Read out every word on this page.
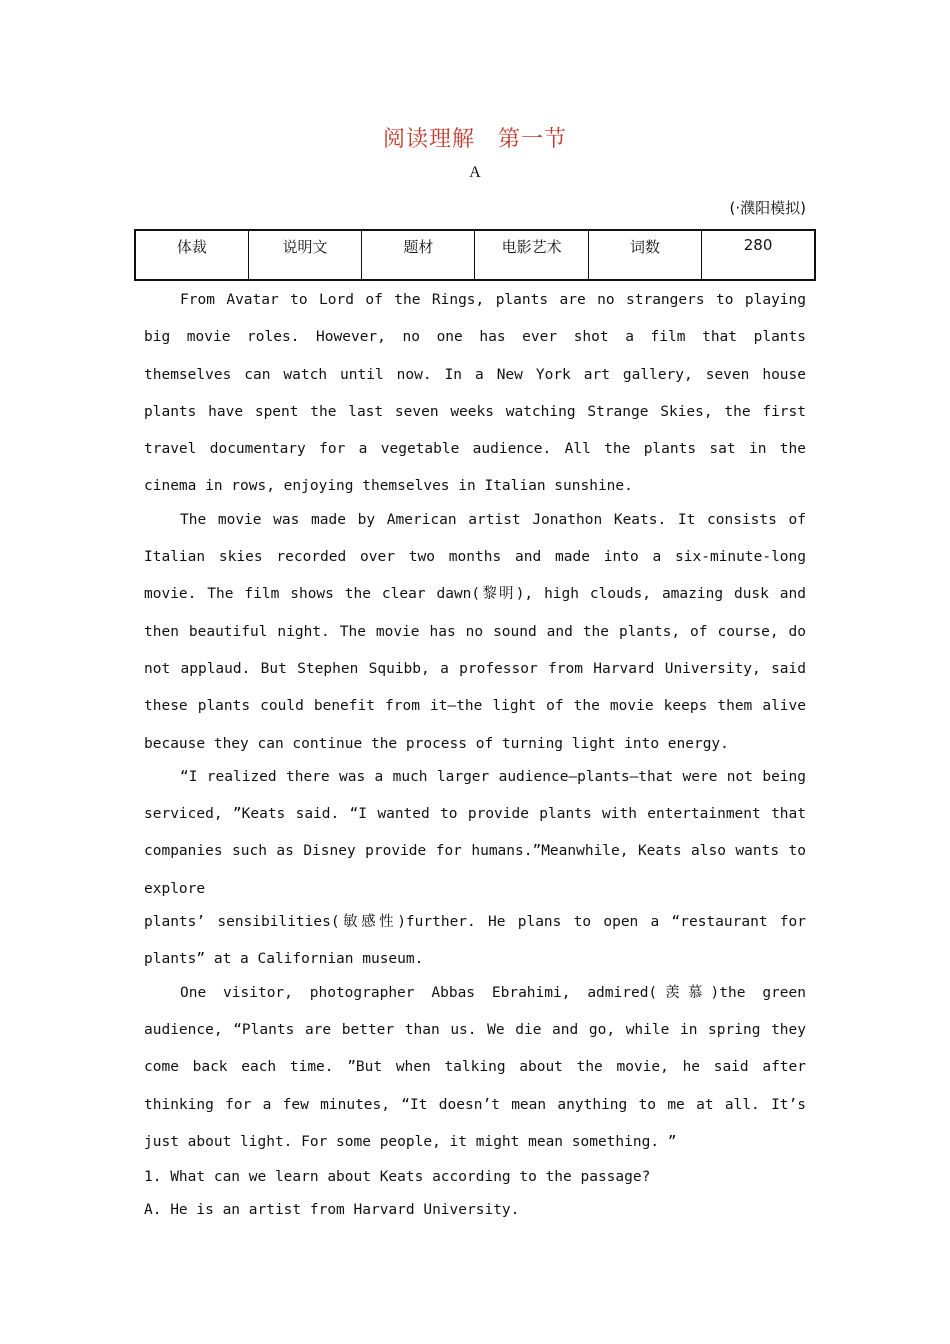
阅读理解　第一节
A
(·濮阳模拟)
体裁	说明文	题材	电影艺术	词数	280

From Avatar to Lord of the Rings, plants are no strangers to playing big movie roles. However, no one has ever shot a film that plants themselves can watch until now. In a New York art gallery, seven house plants have spent the last seven weeks watching Strange Skies, the first travel documentary for a vegetable audience. All the plants sat in the cinema in rows, enjoying themselves in Italian sunshine.

The movie was made by American artist Jonathon Keats. It consists of Italian skies recorded over two months and made into a six-minute-long movie. The film shows the clear dawn(黎明), high clouds, amazing dusk and then beautiful night. The movie has no sound and the plants, of course, do not applaud. But Stephen Squibb, a professor from Harvard University, said these plants could benefit from it—the light of the movie keeps them alive because they can continue the process of turning light into energy.

“I realized there was a much larger audience—plants—that were not being serviced, ”Keats said. “I wanted to provide plants with entertainment that companies such as Disney provide for humans.”Meanwhile, Keats also wants to explore

plants’ sensibilities(敏感性)further. He plans to open a “restaurant for plants” at a Californian museum.

One visitor, photographer Abbas Ebrahimi, admired(羡慕)the green audience, “Plants are better than us. We die and go, while in spring they come back each time. ”But when talking about the movie, he said after thinking for a few minutes, “It doesn’t mean anything to me at all. It’s just about light. For some people, it might mean something. ”

1. What can we learn about Keats according to the passage?

A. He is an artist from Harvard University.
